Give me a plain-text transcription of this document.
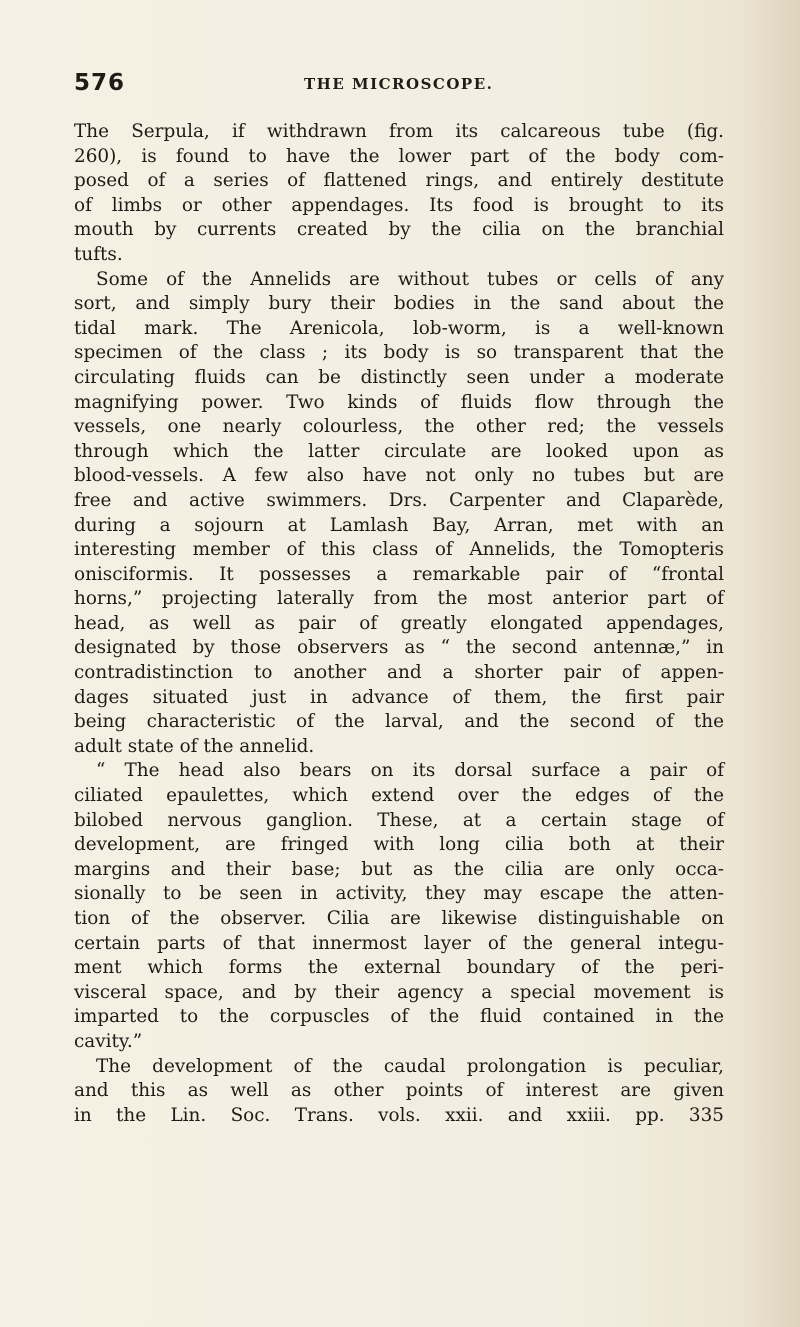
576	THE MICROSCOPE.
The Serpula, if withdrawn from its calcareous tube (fig.
260), is found to have the lower part of the body com-
posed of a series of flattened rings, and entirely destitute
of limbs or other appendages. Its food is brought to its
mouth by currents created by the cilia on the branchial
tufts.
Some of the Annelids are without tubes or cells of any
sort, and simply bury their bodies in the sand about the
tidal mark. The Arenicola, lob-worm, is a well-known
specimen of the class ; its body is so transparent that the
circulating fluids can be distinctly seen under a moderate
magnifying power. Two kinds of fluids flow through the
vessels, one nearly colourless, the other red; the vessels
through which the latter circulate are looked upon as
blood-vessels. A few also have not only no tubes but are
free and active swimmers. Drs. Carpenter and Claparède,
during a sojourn at Lamlash Bay, Arran, met with an
interesting member of this class of Annelids, the Tomopteris
onisciformis. It possesses a remarkable pair of “frontal
horns,” projecting laterally from the most anterior part of
head, as well as pair of greatly elongated appendages,
designated by those observers as “ the second antennæ,” in
contradistinction to another and a shorter pair of appen-
dages situated just in advance of them, the first pair
being characteristic of the larval, and the second of the
adult state of the annelid.
“ The head also bears on its dorsal surface a pair of
ciliated epaulettes, which extend over the edges of the
bilobed nervous ganglion. These, at a certain stage of
development, are fringed with long cilia both at their
margins and their base; but as the cilia are only occa-
sionally to be seen in activity, they may escape the atten-
tion of the observer. Cilia are likewise distinguishable on
certain parts of that innermost layer of the general integu-
ment which forms the external boundary of the peri-
visceral space, and by their agency a special movement is
imparted to the corpuscles of the fluid contained in the
cavity.”
The development of the caudal prolongation is peculiar,
and this as well as other points of interest are given
in the Lin. Soc. Trans. vols. xxii. and xxiii. pp. 335
